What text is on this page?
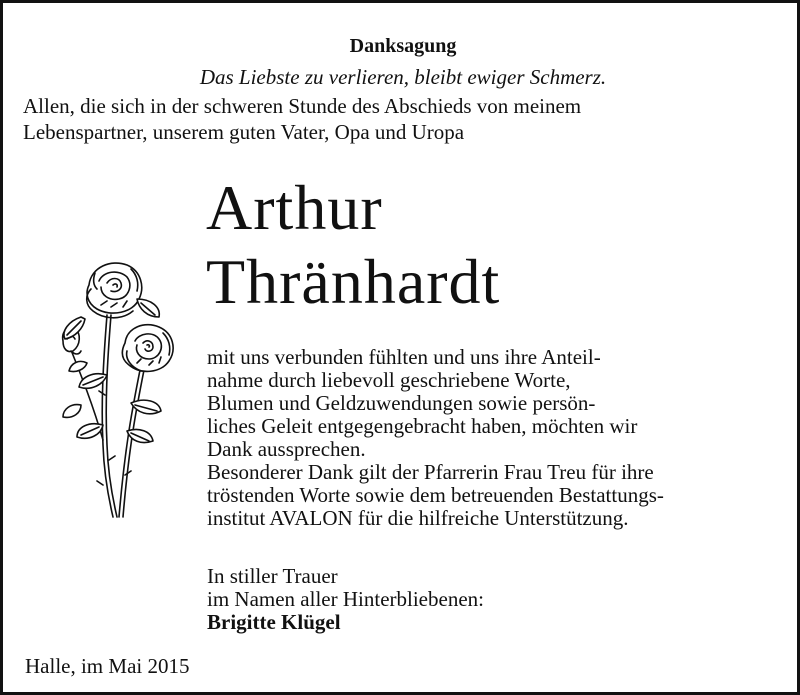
Danksagung
Das Liebste zu verlieren, bleibt ewiger Schmerz.
Allen, die sich in der schweren Stunde des Abschieds von meinem
Lebenspartner, unserem guten Vater, Opa und Uropa
Arthur
Thränhardt
mit uns verbunden fühlten und uns ihre Anteil-
nahme durch liebevoll geschriebene Worte,
Blumen und Geldzuwendungen sowie persön-
liches Geleit entgegengebracht haben, möchten wir
Dank aussprechen.
Besonderer Dank gilt der Pfarrerin Frau Treu für ihre
tröstenden Worte sowie dem betreuenden Bestattungs-
institut AVALON für die hilfreiche Unterstützung.
In stiller Trauer
im Namen aller Hinterbliebenen:
Brigitte Klügel
Halle, im Mai 2015
